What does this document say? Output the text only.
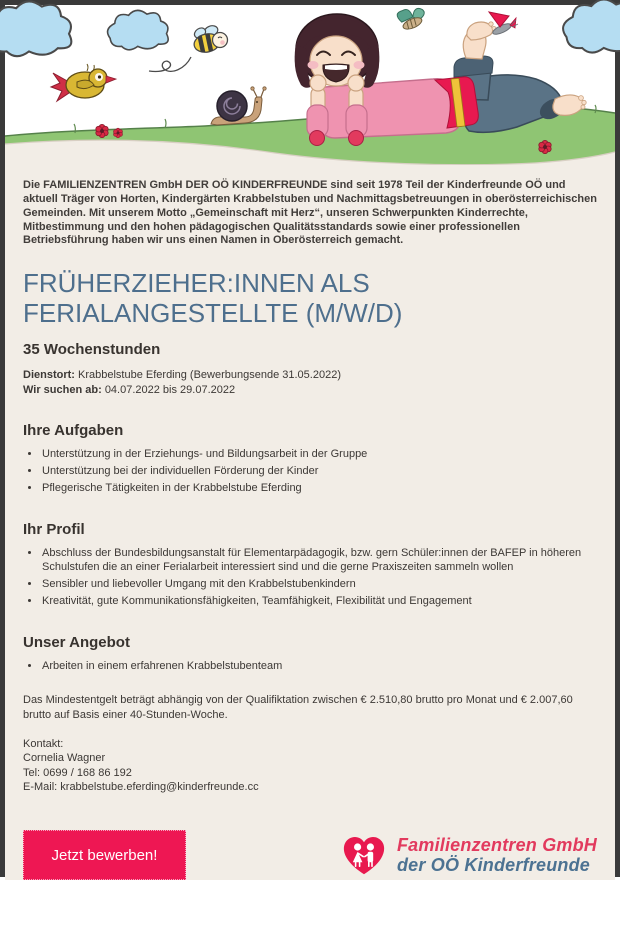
Die FAMILIENZENTREN GmbH DER OÖ KINDERFREUNDE sind seit 1978 Teil der Kinderfreunde OÖ und aktuell Träger von Horten, Kindergärten Krabbelstuben und Nachmittagsbetreuungen in oberösterreichischen Gemeinden. Mit unserem Motto „Gemeinschaft mit Herz“, unseren Schwerpunkten Kinderrechte, Mitbestimmung und den hohen pädagogischen Qualitätsstandards sowie einer professionellen Betriebsführung haben wir uns einen Namen in Oberösterreich gemacht.

FRÜHERZIEHER:INNEN ALS FERIALANGESTELLTE (M/W/D)
35 Wochenstunden

Dienstort: Krabbelstube Eferding (Bewerbungsende 31.05.2022)

Wir suchen ab: 04.07.2022 bis 29.07.2022

Ihre Aufgaben
• Unterstützung in der Erziehungs- und Bildungsarbeit in der Gruppe
• Unterstützung bei der individuellen Förderung der Kinder
• Pflegerische Tätigkeiten in der Krabbelstube Eferding
Ihr Profil
• Abschluss der Bundesbildungsanstalt für Elementarpädagogik, bzw. gern Schüler:innen der BAFEP in höheren Schulstufen die an einer Ferialarbeit interessiert sind und die gerne Praxiszeiten sammeln wollen
• Sensibler und liebevoller Umgang mit den Krabbelstubenkindern
• Kreativität, gute Kommunikationsfähigkeiten, Teamfähigkeit, Flexibilität und Engagement
Unser Angebot
• Arbeiten in einem erfahrenen Krabbelstubenteam

Das Mindestentgelt beträgt abhängig von der Qualifiktation zwischen € 2.510,80 brutto pro Monat und € 2.007,60 brutto auf Basis einer 40-Stunden-Woche.

Kontakt:

Cornelia Wagner

Tel: 0699 / 168 86 192

E-Mail: krabbelstube.eferding@kinderfreunde.cc

Jetzt bewerben!
Familienzentren GmbH
der OÖ Kinderfreunde
